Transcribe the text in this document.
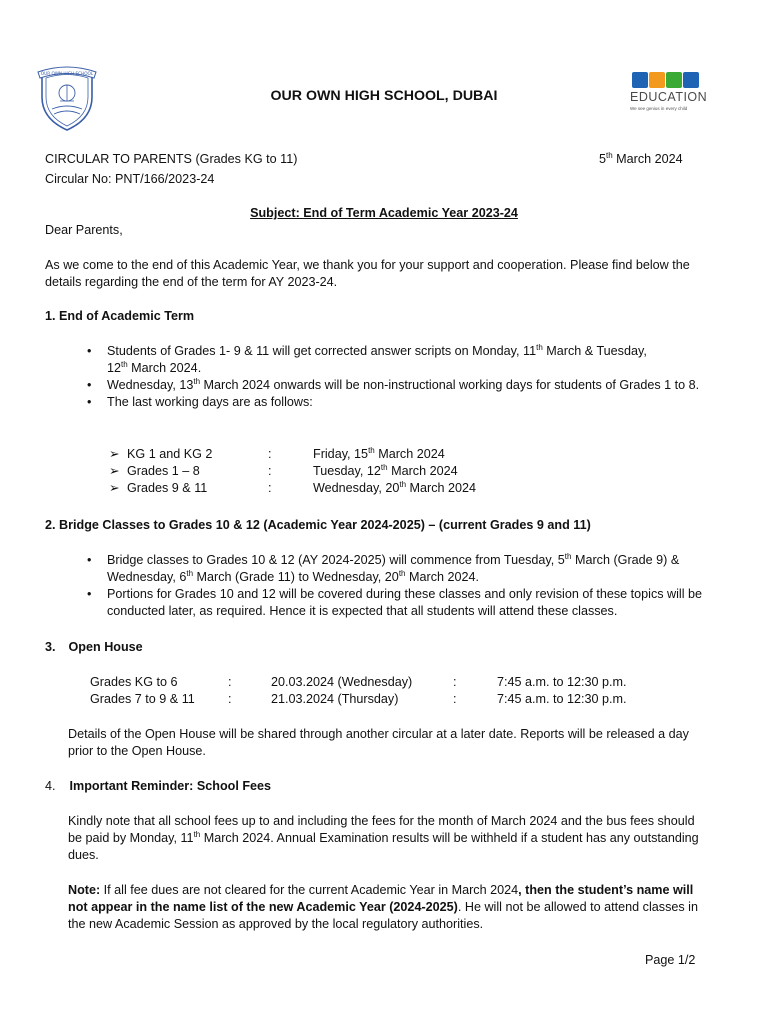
OUR OWN HIGH SCHOOL
OUR OWN HIGH SCHOOL, DUBAI	EDUCATION
We see genius in every child
CIRCULAR TO PARENTS (Grades KG to 11)	5th March 2024
Circular No: PNT/166/2023-24
Subject: End of Term Academic Year 2023-24
Dear Parents,

As we come to the end of this Academic Year, we thank you for your support and cooperation. Please find below the details regarding the end of the term for AY 2023-24.

1. End of Academic Term
• Students of Grades 1- 9 & 11 will get corrected answer scripts on Monday, 11th March & Tuesday,
12th March 2024.
• Wednesday, 13th March 2024 onwards will be non-instructional working days for students of Grades 1 to 8.
• The last working days are as follows:
➢ KG 1 and KG 2	:	Friday, 15th March 2024
➢ Grades 1 – 8	:	Tuesday, 12th March 2024
➢ Grades 9 & 11	:	Wednesday, 20th March 2024
2. Bridge Classes to Grades 10 & 12 (Academic Year 2024-2025) – (current Grades 9 and 11)
• Bridge classes to Grades 10 & 12 (AY 2024-2025) will commence from Tuesday, 5th March (Grade 9) & Wednesday, 6th March (Grade 11) to Wednesday, 20th March 2024.
• Portions for Grades 10 and 12 will be covered during these classes and only revision of these topics will be conducted later, as required. Hence it is expected that all students will attend these classes.
3. Open House
Grades KG to 6	:	20.03.2024 (Wednesday)	:	7:45 a.m. to 12:30 p.m.
Grades 7 to 9 & 11	:	21.03.2024 (Thursday)	:	7:45 a.m. to 12:30 p.m.

Details of the Open House will be shared through another circular at a later date. Reports will be released a day prior to the Open House.

4. Important Reminder: School Fees

Kindly note that all school fees up to and including the fees for the month of March 2024 and the bus fees should be paid by Monday, 11th March 2024. Annual Examination results will be withheld if a student has any outstanding dues.

Note: If all fee dues are not cleared for the current Academic Year in March 2024, then the student’s name will not appear in the name list of the new Academic Year (2024-2025). He will not be allowed to attend classes in the new Academic Session as approved by the local regulatory authorities.

Page 1/2
